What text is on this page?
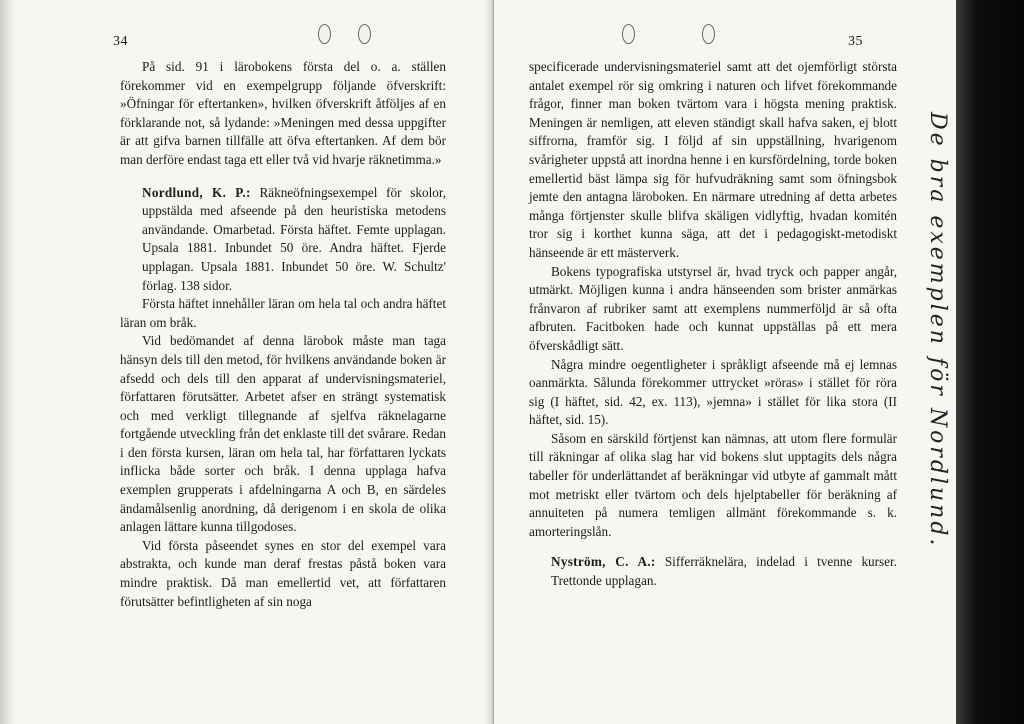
34

På sid. 91 i lärobokens första del o. a. ställen förekommer vid en exempelgrupp följande öfverskrift: »Öfningar för eftertanken», hvilken öfverskrift åtföljes af en förklarande not, så lydande: »Meningen med dessa uppgifter är att gifva barnen tillfälle att öfva eftertanken. Af dem bör man derföre endast taga ett eller två vid hvarje räknetimma.»

Nordlund, K. P.: Räkneöfningsexempel för skolor, uppstälda med afseende på den heuristiska metodens användande. Omarbetad. Första häftet. Femte upplagan. Upsala 1881. Inbundet 50 öre. Andra häftet. Fjerde upplagan. Upsala 1881. Inbundet 50 öre. W. Schultz' förlag. 138 sidor.

Första häftet innehåller läran om hela tal och andra häftet läran om bråk.

Vid bedömandet af denna lärobok måste man taga hänsyn dels till den metod, för hvilkens användande boken är afsedd och dels till den apparat af undervisningsmateriel, författaren förutsätter. Arbetet afser en strängt systematisk och med verkligt tillegnande af sjelfva räknelagarne fortgående utveckling från det enklaste till det svårare. Redan i den första kursen, läran om hela tal, har författaren lyckats inflicka både sorter och bråk. I denna upplaga hafva exemplen grupperats i afdelningarna A och B, en särdeles ändamålsenlig anordning, då derigenom i en skola de olika anlagen lättare kunna tillgodoses.

Vid första påseendet synes en stor del exempel vara abstrakta, och kunde man deraf frestas påstå boken vara mindre praktisk. Då man emellertid vet, att författaren förutsätter befintligheten af sin noga

35

specificerade undervisningsmateriel samt att det ojemförligt största antalet exempel rör sig omkring i naturen och lifvet förekommande frågor, finner man boken tvärtom vara i högsta mening praktisk. Meningen är nemligen, att eleven ständigt skall hafva saken, ej blott siffrorna, framför sig. I följd af sin uppställning, hvarigenom svårigheter uppstå att inordna henne i en kursfördelning, torde boken emellertid bäst lämpa sig för hufvudräkning samt som öfningsbok jemte den antagna läroboken. En närmare utredning af detta arbetes många förtjenster skulle blifva skäligen vidlyftig, hvadan komitén tror sig i korthet kunna säga, att det i pedagogiskt-metodiskt hänseende är ett mästerverk.

Bokens typografiska utstyrsel är, hvad tryck och papper angår, utmärkt. Möjligen kunna i andra hänseenden som brister anmärkas frånvaron af rubriker samt att exemplens nummerföljd är så ofta afbruten. Facitboken hade och kunnat uppställas på ett mera öfverskådligt sätt.

Några mindre oegentligheter i språkligt afseende må ej lemnas oanmärkta. Sålunda förekommer uttrycket »röras» i stället för röra sig (I häftet, sid. 42, ex. 113), »jemna» i stället för lika stora (II häftet, sid. 15).

Såsom en särskild förtjenst kan nämnas, att utom flere formulär till räkningar af olika slag har vid bokens slut upptagits dels några tabeller för underlättandet af beräkningar vid utbyte af gammalt mått mot metriskt eller tvärtom och dels hjelptabeller för beräkning af annuiteten på numera temligen allmänt förekommande s. k. amorteringslån.

Nyström, C. A.: Sifferräknelära, indelad i tvenne kurser. Trettonde upplagan.

De bra exemplen för Nordlund.
